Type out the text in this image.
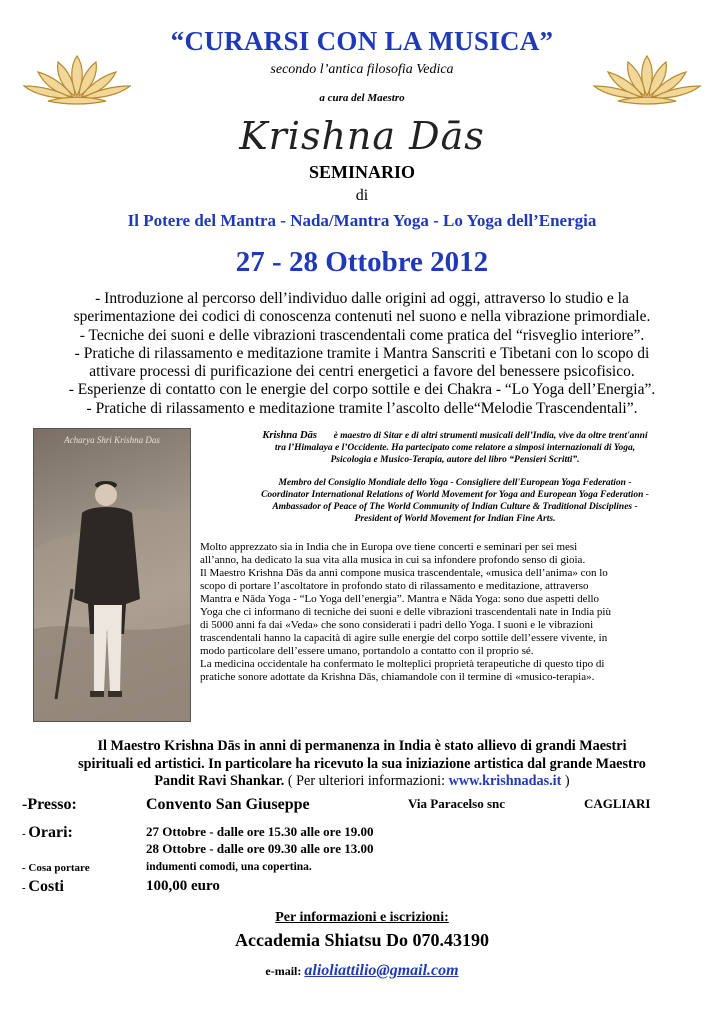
“CURARSI CON LA MUSICA”
secondo l’antica filosofia Vedica
a cura del Maestro
Krishna Dās
SEMINARIO
di
Il Potere del Mantra - Nada/Mantra Yoga - Lo Yoga dell’Energia
27 - 28 Ottobre 2012
- Introduzione al percorso dell’individuo dalle origini ad oggi, attraverso lo studio e la
sperimentazione dei codici di conoscenza contenuti nel suono e nella vibrazione primordiale.
- Tecniche dei suoni e delle vibrazioni trascendentali come pratica del “risveglio interiore”.
- Pratiche di rilassamento e meditazione tramite i Mantra Sanscriti e Tibetani con lo scopo di
attivare processi di purificazione dei centri energetici a favore del benessere psicofisico.
- Esperienze di contatto con le energie del corpo sottile e dei Chakra - “Lo Yoga dell’Energia”.
- Pratiche di rilassamento e meditazione tramite l’ascolto delle“Melodie Trascendentali”.
Acharya Shri Krishna Das	Krishna Dās è maestro di Sitar e di altri strumenti musicali dell’India, vive da oltre trent'anni
tra l’Himalaya e l’Occidente. Ha partecipato come relatore a simposi internazionali di Yoga,
Psicologia e Musico-Terapia, autore del libro “Pensieri Scritti”.
Membro del Consiglio Mondiale dello Yoga - Consigliere dell'European Yoga Federation -
Coordinator International Relations of World Movement for Yoga and European Yoga Federation -
Ambassador of Peace of The World Community of Indian Culture & Traditional Disciplines -
President of World Movement for Indian Fine Arts.
Molto apprezzato sia in India che in Europa ove tiene concerti e seminari per sei mesi
all’anno, ha dedicato la sua vita alla musica in cui sa infondere profondo senso di gioia.
Il Maestro Krishna Dās da anni compone musica trascendentale, «musica dell’anima» con lo
scopo di portare l’ascoltatore in profondo stato di rilassamento e meditazione, attraverso
Mantra e Nāda Yoga - “Lo Yoga dell’energia”. Mantra e Nāda Yoga: sono due aspetti dello
Yoga che ci informano di tecniche dei suoni e delle vibrazioni trascendentali nate in India più
di 5000 anni fa dai «Veda» che sono considerati i padri dello Yoga. I suoni e le vibrazioni
trascendentali hanno la capacità di agire sulle energie del corpo sottile dell’essere vivente, in
modo particolare dell’essere umano, portandolo a contatto con il proprio sé.
La medicina occidentale ha confermato le molteplici proprietà terapeutiche di questo tipo di
pratiche sonore adottate da Krishna Dās, chiamandole con il termine di «musico-terapia».
Il Maestro Krishna Dās in anni di permanenza in India è stato allievo di grandi Maestri
spirituali ed artistici. In particolare ha ricevuto la sua iniziazione artistica dal grande Maestro
Pandit Ravi Shankar. ( Per ulteriori informazioni: www.krishnadas.it )
-Presso:	Convento San Giuseppe	Via Paracelso snc	CAGLIARI
- Orari:	27 Ottobre - dalle ore 15.30 alle ore 19.00
28 Ottobre - dalle ore 09.30 alle ore 13.00
- Cosa portare	indumenti comodi, una copertina.
- Costi	100,00 euro
Per informazioni e iscrizioni:
Accademia Shiatsu Do 070.43190
e-mail: alioliattilio@gmail.com
